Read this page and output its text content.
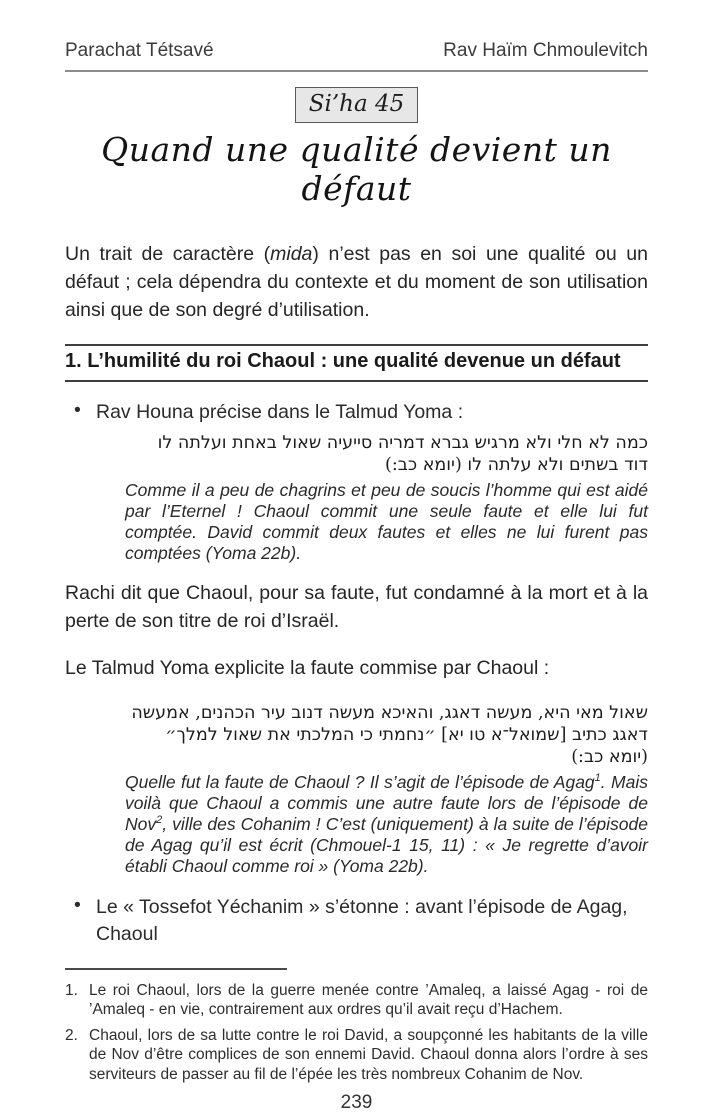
Parachat Tétsavé	Rav Haïm Chmoulevitch
Si’ha 45
Quand une qualité devient un défaut

Un trait de caractère (mida) n’est pas en soi une qualité ou un défaut ; cela dépendra du contexte et du moment de son utilisation ainsi que de son degré d’utilisation.

1. L’humilité du roi Chaoul : une qualité devenue un défaut
• Rav Houna précise dans le Talmud Yoma :
כמה לא חלי ולא מרגיש גברא דמריה סייעיה שאול באחת ועלתה לו
דוד בשתים ולא עלתה לו (יומא כב:)
Comme il a peu de chagrins et peu de soucis l’homme qui est aidé par l’Eternel ! Chaoul commit une seule faute et elle lui fut comptée. David commit deux fautes et elles ne lui furent pas comptées (Yoma 22b).

Rachi dit que Chaoul, pour sa faute, fut condamné à la mort et à la perte de son titre de roi d’Israël.

Le Talmud Yoma explicite la faute commise par Chaoul :

שאול מאי היא, מעשה דאגג, והאיכא מעשה דנוב עיר הכהנים, אמעשה
דאגג כתיב [שמואל־א טו יא] ״נחמתי כי המלכתי את שאול למלך״
(יומא כב:)
Quelle fut la faute de Chaoul ? Il s’agit de l’épisode de Agag$^1$. Mais voilà que Chaoul a commis une autre faute lors de l’épisode de Nov$^2$, ville des Cohanim ! C’est (uniquement) à la suite de l’épisode de Agag qu’il est écrit (Chmouel-1 15, 11) : « Je regrette d’avoir établi Chaoul comme roi » (Yoma 22b).
• Le « Tossefot Yéchanim » s’étonne : avant l’épisode de Agag, Chaoul
1. Le roi Chaoul, lors de la guerre menée contre ’Amaleq, a laissé Agag - roi de ’Amaleq - en vie, contrairement aux ordres qu’il avait reçu d’Hachem.
2. Chaoul, lors de sa lutte contre le roi David, a soupçonné les habitants de la ville de Nov d’être complices de son ennemi David. Chaoul donna alors l’ordre à ses serviteurs de passer au fil de l’épée les très nombreux Cohanim de Nov.
239
